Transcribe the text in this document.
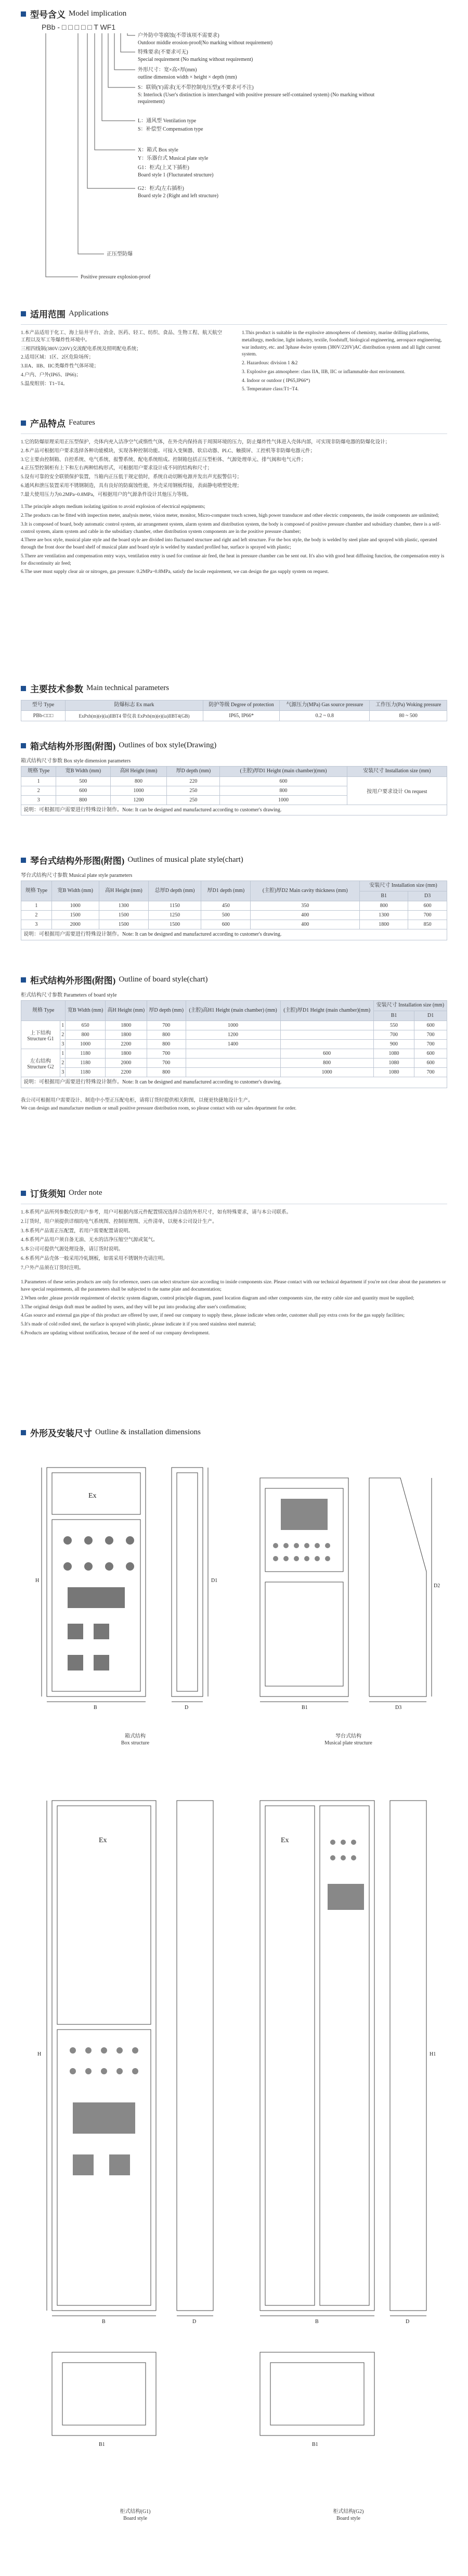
型号含义 Model implication
PBb - □ □ □ □ □ T WF1
户外防中等腐蚀(不带该项不需要求)
Outdoor middle erosion-proof(No marking without requirement)
特殊要求(不要求可无)
Special requirement (No marking without requirement)
外形尺寸：宽×高×厚(mm)
outline dimension width × height × depth (mm)
S：联锁(Y)需求(无不带控制电压型)(不要求可不注)
S: Interlock (User's distinction is interchanged with positive pressure self-contained system) (No marking without requirement)
L：通风型 Ventilation type
S：补偿型 Compensation type
X：箱式 Box style
Y：乐器台式 Musical plate style
G1：柜式(上叉下插柜)
Board style 1 (Flucturated structure)
G2：柜式(左右插柜)
Board style 2 (Right and left structure)
正压型防爆
Positive pressure explosion-proof
适用范围 Applications

1.本产品适用于化工、海上钻井平台、冶金、医药、轻工、纺织、食品、生物工程、航天航空工程以及军工等爆炸性环境中。

三相四线制(380V/220V)交流配电系统及照明配电系统；

2.适用区域：1区、2区危险场所；

3.IIA、IIB、IIC类爆炸性气体环境；

4.户内、户外(IP65、IP66)；

5.温度组别：T1~T4。

1.This product is suitable in the explosive atmospheres of chemistry, marine drilling platforms, metallurgy, medicine, light industry, textile, foodstuff, biological engineering, aerospace engineering, war industry, etc. and 3phase 4wire system (380V/220V)AC distribution system and all light current system.

2. Hazardous: division 1 &2

3. Explosive gas atmosphere: class IIA, IIB, IIC or inflammable dust environment.

4. Indoor or outdoor ( IP65,IP66*)

5. Temperature class:T1~T4.

产品特点 Features

1.它的防爆原理采用正压型保护，壳体内充入洁净空气或惰性气体，在外壳内保持高于周围环境的压力，防止爆炸性气体进入壳体内部，可实现非防爆电器的防爆化设计；

2.本产品可根据用户要求选择各种功能模块，实现各种控制功能。可接入变频器、软启动器、PLC、触摸屏、工控机等非防爆电器元件；

3.它主要由控制箱、自控系统、电气系统、报警系统、配电系统组成。控制箱包括正压型柜体、气源处理单元、排气阀和电气元件；

4.正压型控制柜有上下和左右两种结构形式，可根据用户要求设计成不同的结构和尺寸；

5.设有可靠的安全联锁保护装置，当箱内正压低于规定值时，系统自动切断电源并发出声光报警信号；

6.通风和泄压装置采用不锈钢制造，具有良好的防腐蚀性能，外壳采用钢板焊接，表面静电喷塑处理；

7.最大使用压力为0.2MPa~0.8MPa，可根据用户的气源条件设计其他压力等级。

1.The principle adopts medium isolating ignition to avoid explosion of electrical equipments;

2.The products can be fitted with inspection meter, analysis meter, vision meter, monitor, Micro-computer touch screen, high power transducer and other electric components, the inside components are unlimited;

3.It is composed of board, body automatic control system, air arrangement system, alarm system and distribution system, the body is composed of positive pressure chamber and subsidiary chamber, there is a self-control system, alarm system and cable in the subsidiary chamber, other distribution system components are in the positive pressure chamber;

4.There are box style, musical plate style and the board style are divided into fluctuated structure and right and left structure. For the box style, the body is welded by steel plate and sprayed with plastic, operated through the front door the board shelf of musical plate and board style is welded by standard profiled bar, surface is sprayed with plastic;

5.There are ventilation and compensation entry ways, ventilation entry is used for continue air feed, the heat in pressure chamber can be sent out. It's also with good heat diffusing function, the compensation entry is for discontinuity air feed;

6.The user must supply clear air or nitrogen, gas pressure: 0.2MPa~0.8MPa, satisfy the locale requirement, we can design the gas supply system on request.

主要技术参数 Main technical parameters
型号 Type	防爆标志 Ex mark	防护等级 Degree of protection	气源压力(MPa) Gas source pressure	工作压力(Pa) Woking pressure
PBb-□□□	ExPxb(m)(e)(ia)IIBT4 带仪表 ExPxb(m)(e)(ia)IIBT4(GB)	IP65, IP66*	0.2 ~ 0.8	80 ~ 500
箱式结构外形图(附图) Outlines of box style(Drawing)
箱式结构尺寸参数 Box style dimension parameters
规格 Type	宽B Width (mm)	高H Height (mm)	厚D depth (mm)	(主腔)厚D1 Height (main chamber)(mm)	安装尺寸 Installation size (mm)
1	500	800	220	600	按用户要求设计 On request
2	600	1000	250	800	
3	800	1200	250	1000	
说明：可根据用户需要进行特殊设计制作。Note: It can be designed and manufactured according to customer's drawing.
琴台式结构外形图(附图) Outlines of musical plate style(chart)
琴台式结构尺寸参数 Musical plate style parameters
规格 Type	宽B Width (mm)	高H Height (mm)	总厚D depth (mm)	厚D1 depth (mm)	(主腔)厚D2 Main cavity thickness (mm)	安装尺寸 Installation size (mm)	
						B1	D3
1	1000	1300	1150	450	350	800	600
2	1500	1500	1250	500	400	1300	700
3	2000	1500	1500	600	400	1800	850
说明：可根据用户需要进行特殊设计制作。Note: It can be designed and manufactured according to customer's drawing.
柜式结构外形图(附图) Outline of board style(chart)
柜式结构尺寸参数 Parameters of board style
规格 Type		宽B Width (mm)	高H Height (mm)	厚D depth (mm)	(主腔)高H1 Height (main chamber) (mm)	(主腔)厚D1 Height (main chamber)(mm)	安装尺寸 Installation size (mm)	
							B1	D1
上下结构 Structure G1	1	650	1800	700	1000		550	600
	2	800	1800	800	1200		700	700
	3	1000	2200	800	1400		900	700
左右结构 Structure G2	1	1180	1800	700		600	1080	600
	2	1180	2000	700		800	1080	600
	3	1180	2200	800		1000	1080	700
说明：可根据用户需要进行特殊设计制作。Note: It can be designed and manufactured according to customer's drawing.

我公司可根据用户需要设计、制造中小型正压配电柜，请将订货时提供相关附图，以便更快捷地设计生产。

We can design and manufacture medium or small positive pressure distribution room, so please contact with our sales department for order.

订货须知 Order note

1.本系列产品所列参数仅供用户参考，用户可根据内部元件配置情况选择合适的外形尺寸，如有特殊要求，请与本公司联系。

2.订货时，用户须提供详细的电气系统图、控制原理图、元件清单，以便本公司设计生产。

3.本系列产品需正压配置，若用户需要配置请说明。

4.本系列产品用户须自备无油、无水的洁净压缩空气源或氮气。

5.本公司可提供气源处理设备，请订货时说明。

6.本系列产品壳体一般采用冷轧钢板，如需采用不锈钢外壳请注明。

7.户外产品须在订货时注明。

1.Parameters of these series products are only for reference, users can select structure size according to inside components size. Please contact with our technical department if you're not clear about the parameters or have special requirements, all the parameters shall be subjected to the name plate and documentation;

2.When order ,please provide requirement of electric system diagram, control principle diagram, panel location diagram and other components size, the entry cable size and quantity must be supplied;

3.The original design draft must be audited by users, and they will be put into producing after user's confirmation;

4.Gas source and external gas pipe of this product are offered by user, if need our company to supply these, please indicate when order, customer shall pay extra costs for the gas supply facilities;

5.It's made of cold rolled steel, the surface is sprayed with plastic, please indicate it if you need stainless steel material;

6.Products are updating without notification, because of the need of our company development.

外形及安装尺寸 Outline & installation dimensions
Ex
H
B	D
D1
箱式结构
Box structure
B1	D3
D2
琴台式结构
Musical plate structure
Ex
H
B	D
B1
柜式结构(G1)
Board style
Ex
B	D
B1
H1
柜式结构(G2)
Board style
